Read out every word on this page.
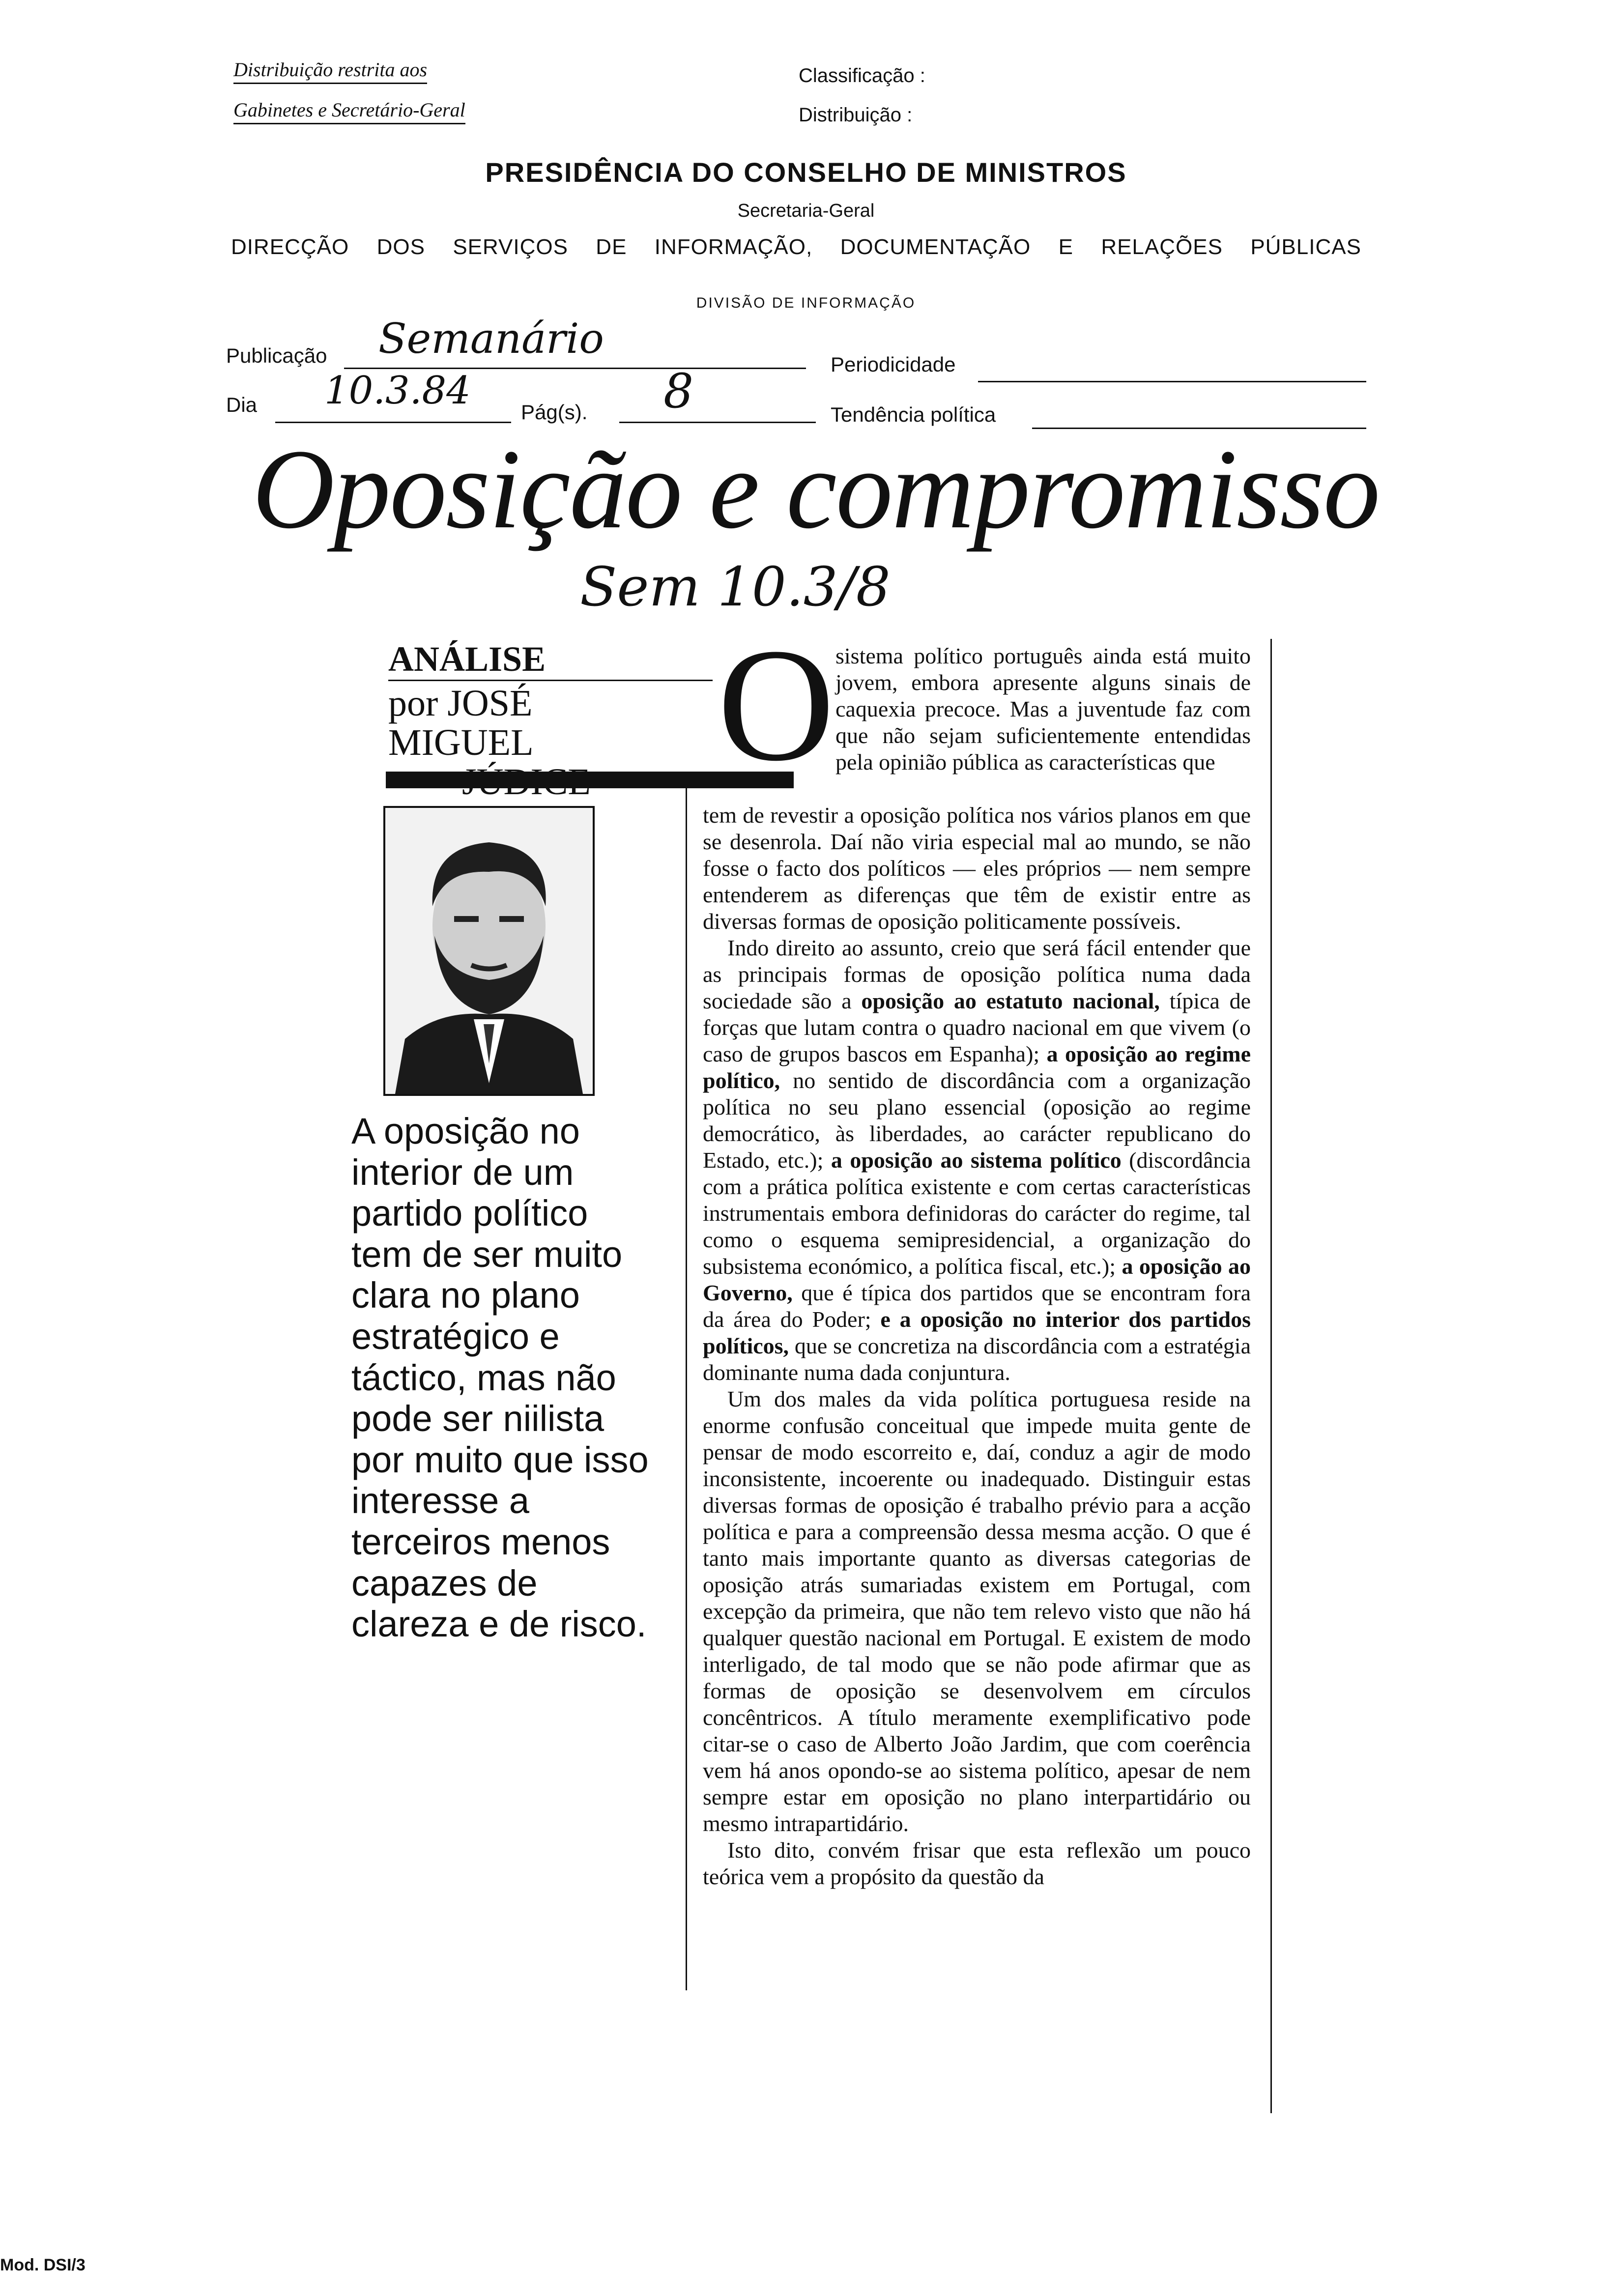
Distribuição restrita aos
Gabinetes e Secretário-Geral
Classificação :
Distribuição :
PRESIDÊNCIA DO CONSELHO DE MINISTROS
Secretaria-Geral
DIRECÇÃO DOS SERVIÇOS DE INFORMAÇÃO, DOCUMENTAÇÃO E RELAÇÕES PÚBLICAS
DIVISÃO DE INFORMAÇÃO
Publicação Semanário
Periodicidade
Dia 10.3.84 Pág(s). 8	Tendência política
Oposição e compromisso
Sem 10.3/8
ANÁLISE
por JOSÉ MIGUEL	O sistema político português ainda está muito jovem, embora apresente alguns sinais de caquexia precoce. Mas a juventude faz com que não sejam suficientemente entendidas pela opinião pública as características que

A oposição no interior de um partido político tem de ser muito clara no plano estratégico e táctico, mas não pode ser niilista por muito que isso interesse a terceiros menos capazes de clareza e de risco.

tem de revestir a oposição política nos vários planos em que se desenrola. Daí não viria especial mal ao mundo, se não fosse o facto dos políticos — eles próprios — nem sempre entenderem as diferenças que têm de existir entre as diversas formas de oposição politicamente possíveis.

Indo direito ao assunto, creio que será fácil entender que as principais formas de oposição política numa dada sociedade são a oposição ao estatuto nacional, típica de forças que lutam contra o quadro nacional em que vivem (o caso de grupos bascos em Espanha); a oposição ao regime político, no sentido de discordância com a organização política no seu plano essencial (oposição ao regime democrático, às liberdades, ao carácter republicano do Estado, etc.); a oposição ao sistema político (discordância com a prática política existente e com certas características instrumentais embora definidoras do carácter do regime, tal como o esquema semipresidencial, a organização do subsistema económico, a política fiscal, etc.); a oposição ao Governo, que é típica dos partidos que se encontram fora da área do Poder; e a oposição no interior dos partidos políticos, que se concretiza na discordância com a estratégia dominante numa dada conjuntura.

Um dos males da vida política portuguesa reside na enorme confusão conceitual que impede muita gente de pensar de modo escorreito e, daí, conduz a agir de modo inconsistente, incoerente ou inadequado. Distinguir estas diversas formas de oposição é trabalho prévio para a acção política e para a compreensão dessa mesma acção. O que é tanto mais importante quanto as diversas categorias de oposição atrás sumariadas existem em Portugal, com excepção da primeira, que não tem relevo visto que não há qualquer questão nacional em Portugal. E existem de modo interligado, de tal modo que se não pode afirmar que as formas de oposição se desenvolvem em círculos concêntricos. A título meramente exemplificativo pode citar-se o caso de Alberto João Jardim, que com coerência vem há anos opondo-se ao sistema político, apesar de nem sempre estar em oposição no plano interpartidário ou mesmo intrapartidário.

Isto dito, convém frisar que esta reflexão um pouco teórica vem a propósito da questão da

Mod. DSI/3
